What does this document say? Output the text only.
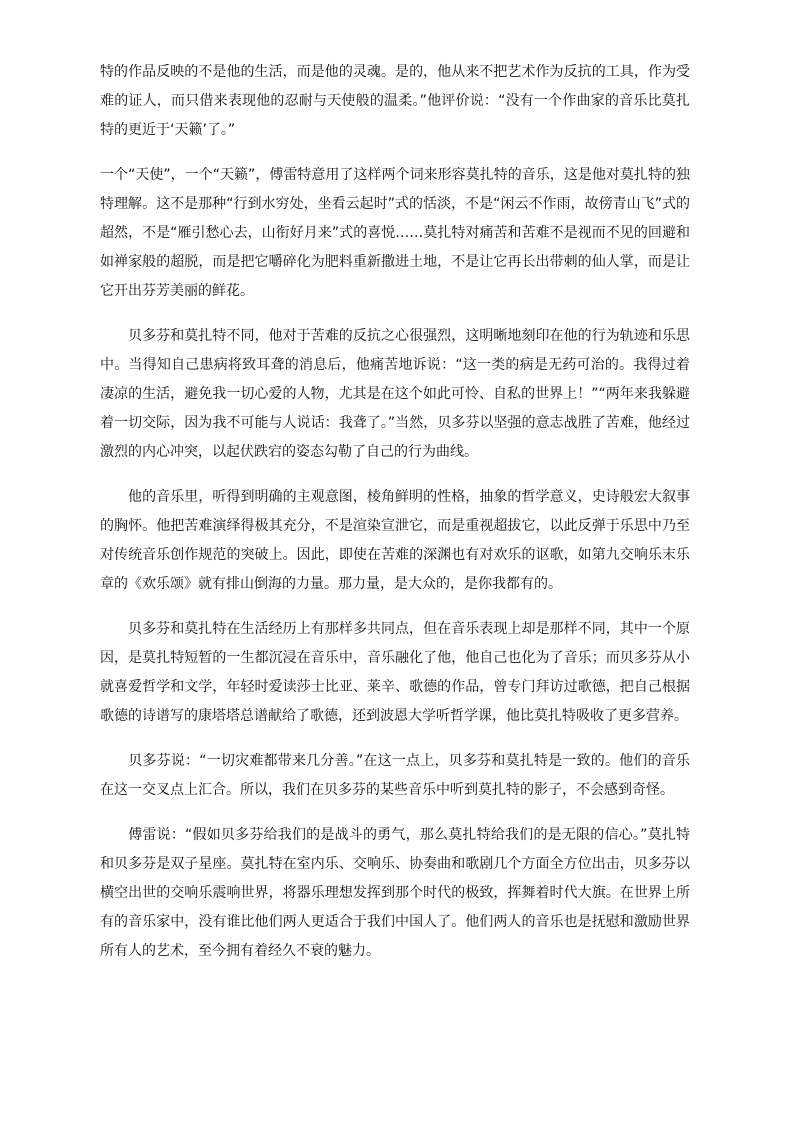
特的作品反映的不是他的生活，而是他的灵魂。是的，他从来不把艺术作为反抗的工具，作为受难的证人，而只借来表现他的忍耐与天使般的温柔。”他评价说：“没有一个作曲家的音乐比莫扎特的更近于‘天籁’了。”

一个“天使”，一个“天籁”，傅雷特意用了这样两个词来形容莫扎特的音乐，这是他对莫扎特的独特理解。这不是那种“行到水穷处，坐看云起时”式的恬淡，不是“闲云不作雨，故傍青山飞”式的超然，不是“雁引愁心去，山衔好月来”式的喜悦……莫扎特对痛苦和苦难不是视而不见的回避和如禅家般的超脱，而是把它嚼碎化为肥料重新撒进土地，不是让它再长出带刺的仙人掌，而是让它开出芬芳美丽的鲜花。

贝多芬和莫扎特不同，他对于苦难的反抗之心很强烈，这明晰地刻印在他的行为轨迹和乐思中。当得知自己患病将致耳聋的消息后，他痛苦地诉说：“这一类的病是无药可治的。我得过着凄凉的生活，避免我一切心爱的人物，尤其是在这个如此可怜、自私的世界上！”“两年来我躲避着一切交际，因为我不可能与人说话：我聋了。”当然，贝多芬以坚强的意志战胜了苦难，他经过激烈的内心冲突，以起伏跌宕的姿态勾勒了自己的行为曲线。

他的音乐里，听得到明确的主观意图，棱角鲜明的性格，抽象的哲学意义，史诗般宏大叙事的胸怀。他把苦难演绎得极其充分，不是渲染宣泄它，而是重视超拔它，以此反弹于乐思中乃至对传统音乐创作规范的突破上。因此，即使在苦难的深渊也有对欢乐的讴歌，如第九交响乐末乐章的《欢乐颂》就有排山倒海的力量。那力量，是大众的，是你我都有的。

贝多芬和莫扎特在生活经历上有那样多共同点，但在音乐表现上却是那样不同，其中一个原因，是莫扎特短暂的一生都沉浸在音乐中，音乐融化了他，他自己也化为了音乐；而贝多芬从小就喜爱哲学和文学，年轻时爱读莎士比亚、莱辛、歌德的作品，曾专门拜访过歌德，把自己根据歌德的诗谱写的康塔塔总谱献给了歌德，还到波恩大学听哲学课，他比莫扎特吸收了更多营养。

贝多芬说：“一切灾难都带来几分善。”在这一点上，贝多芬和莫扎特是一致的。他们的音乐在这一交叉点上汇合。所以，我们在贝多芬的某些音乐中听到莫扎特的影子，不会感到奇怪。

傅雷说：“假如贝多芬给我们的是战斗的勇气，那么莫扎特给我们的是无限的信心。”莫扎特和贝多芬是双子星座。莫扎特在室内乐、交响乐、协奏曲和歌剧几个方面全方位出击，贝多芬以横空出世的交响乐震响世界，将器乐理想发挥到那个时代的极致，挥舞着时代大旗。在世界上所有的音乐家中，没有谁比他们两人更适合于我们中国人了。他们两人的音乐也是抚慰和激励世界所有人的艺术，至今拥有着经久不衰的魅力。
